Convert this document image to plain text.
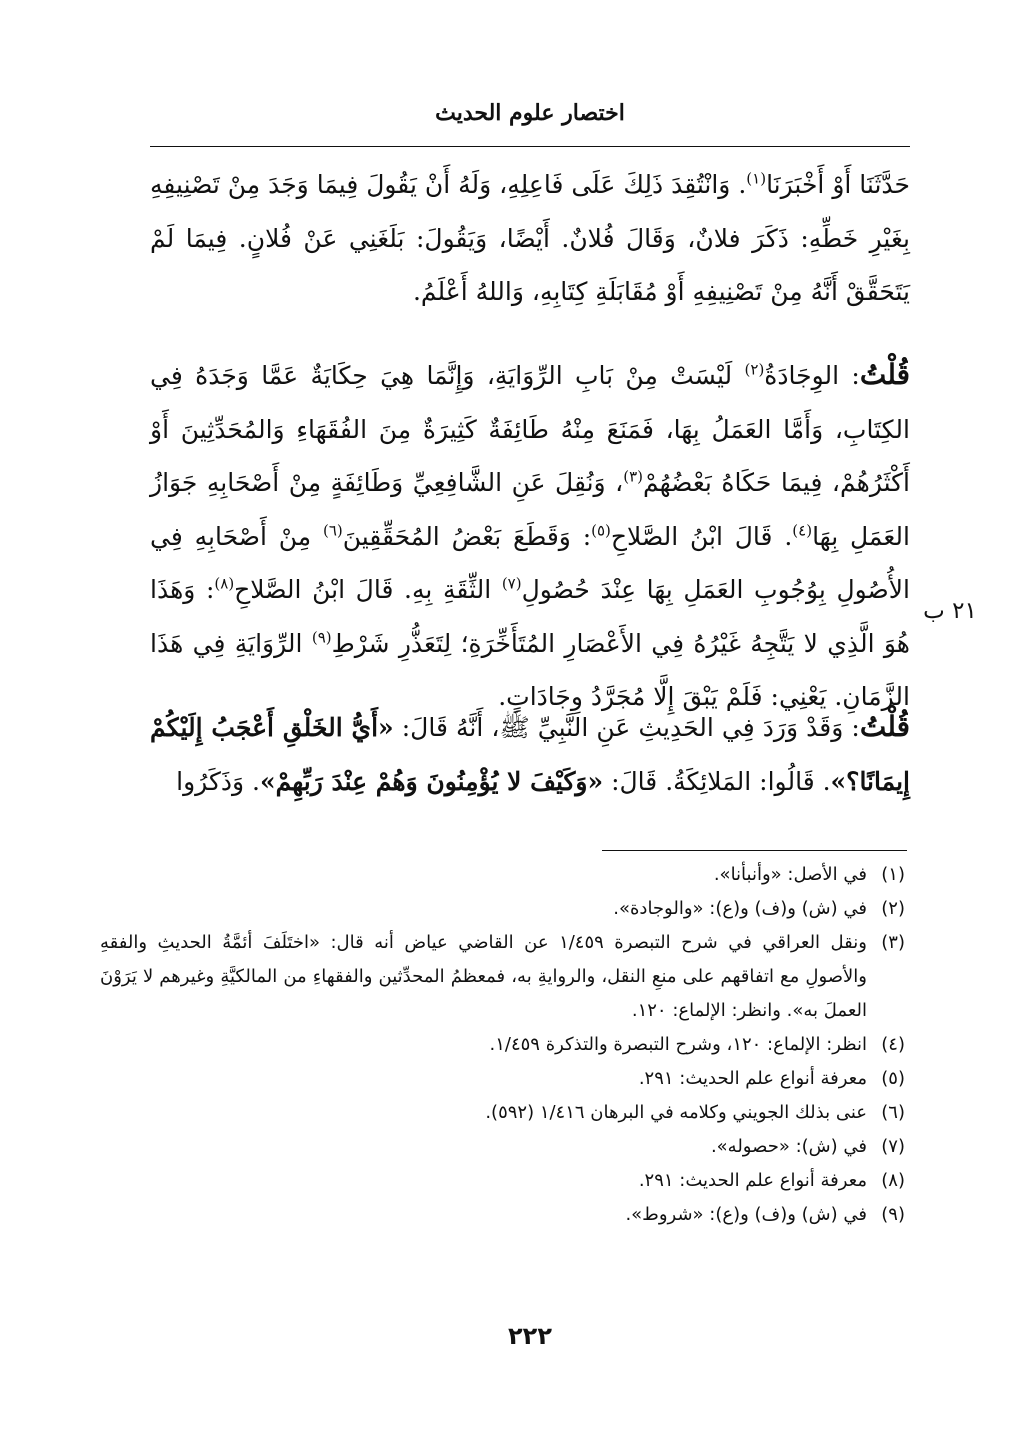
اختصار علوم الحديث

حَدَّثَنَا أَوْ أَخْبَرَنَا$^{(١)}$. وَانْتُقِدَ ذَلِكَ عَلَى فَاعِلِهِ، وَلَهُ أَنْ يَقُولَ فِيمَا وَجَدَ مِنْ تَصْنِيفِهِ بِغَيْرِ خَطِّهِ: ذَكَرَ فلانٌ، وَقَالَ فُلانٌ. أَيْضًا، وَيَقُولَ: بَلَغَنِي عَنْ فُلانٍ. فِيمَا لَمْ يَتَحَقَّقْ أَنَّهُ مِنْ تَصْنِيفِهِ أَوْ مُقَابَلَةِ كِتَابِهِ، وَاللهُ أَعْلَمُ.

قُلْتُ: الوِجَادَةُ$^{(٢)}$ لَيْسَتْ مِنْ بَابِ الرِّوَايَةِ، وَإِنَّمَا هِيَ حِكَايَةٌ عَمَّا وَجَدَهُ فِي الكِتَابِ، وَأَمَّا العَمَلُ بِهَا، فَمَنَعَ مِنْهُ طَائِفَةٌ كَثِيرَةٌ مِنَ الفُقَهَاءِ وَالمُحَدِّثِينَ أَوْ أَكْثَرُهُمْ، فِيمَا حَكَاهُ بَعْضُهُمْ$^{(٣)}$، وَنُقِلَ عَنِ الشَّافِعِيِّ وَطَائِفَةٍ مِنْ أَصْحَابِهِ جَوَازُ العَمَلِ بِهَا$^{(٤)}$. قَالَ ابْنُ الصَّلاحِ$^{(٥)}$: وَقَطَعَ بَعْضُ المُحَقِّقِينَ$^{(٦)}$ مِنْ أَصْحَابِهِ فِي الأُصُولِ بِوُجُوبِ العَمَلِ بِهَا عِنْدَ حُصُولِ$^{(٧)}$ الثِّقَةِ بِهِ. قَالَ ابْنُ الصَّلاحِ$^{(٨)}$: وَهَذَا هُوَ الَّذِي لا يَتَّجِهُ غَيْرُهُ فِي الأَعْصَارِ المُتَأَخِّرَةِ؛ لِتَعَذُّرِ شَرْطِ$^{(٩)}$ الرِّوَايَةِ فِي هَذَا الزَّمَانِ. يَعْنِي: فَلَمْ يَبْقَ إِلَّا مُجَرَّدُ وِجَادَاتٍ.

٢١ ب

قُلْتُ: وَقَدْ وَرَدَ فِي الحَدِيثِ عَنِ النَّبِيِّ ﷺ، أَنَّهُ قَالَ: «أَيُّ الخَلْقِ أَعْجَبُ إِلَيْكُمْ إِيمَانًا؟». قَالُوا: المَلائِكَةُ. قَالَ: «وَكَيْفَ لا يُؤْمِنُونَ وَهُمْ عِنْدَ رَبِّهِمْ». وَذَكَرُوا

(١)
في الأصل: «وأنبأنا».
(٢)
في (ش) و(ف) و(ع): «والوجادة».
(٣)
ونقل العراقي في شرح التبصرة ١/٤٥٩ عن القاضي عياض أنه قال: «اختَلَفَ أئمَّةُ الحديثِ والفقهِ والأصولِ مع اتفاقهم على منعِ النقل، والروايةِ به، فمعظمُ المحدِّثين والفقهاءِ من المالكيَّةِ وغيرهم لا يَرَوْنَ العملَ به». وانظر: الإلماع: ١٢٠.
(٤)
انظر: الإلماع: ١٢٠، وشرح التبصرة والتذكرة ١/٤٥٩.
(٥)
معرفة أنواع علم الحديث: ٢٩١.
(٦)
عنى بذلك الجويني وكلامه في البرهان ١/٤١٦ (٥٩٢).
(٧)
في (ش): «حصوله».
(٨)
معرفة أنواع علم الحديث: ٢٩١.
(٩)
في (ش) و(ف) و(ع): «شروط».
٢٢٢
